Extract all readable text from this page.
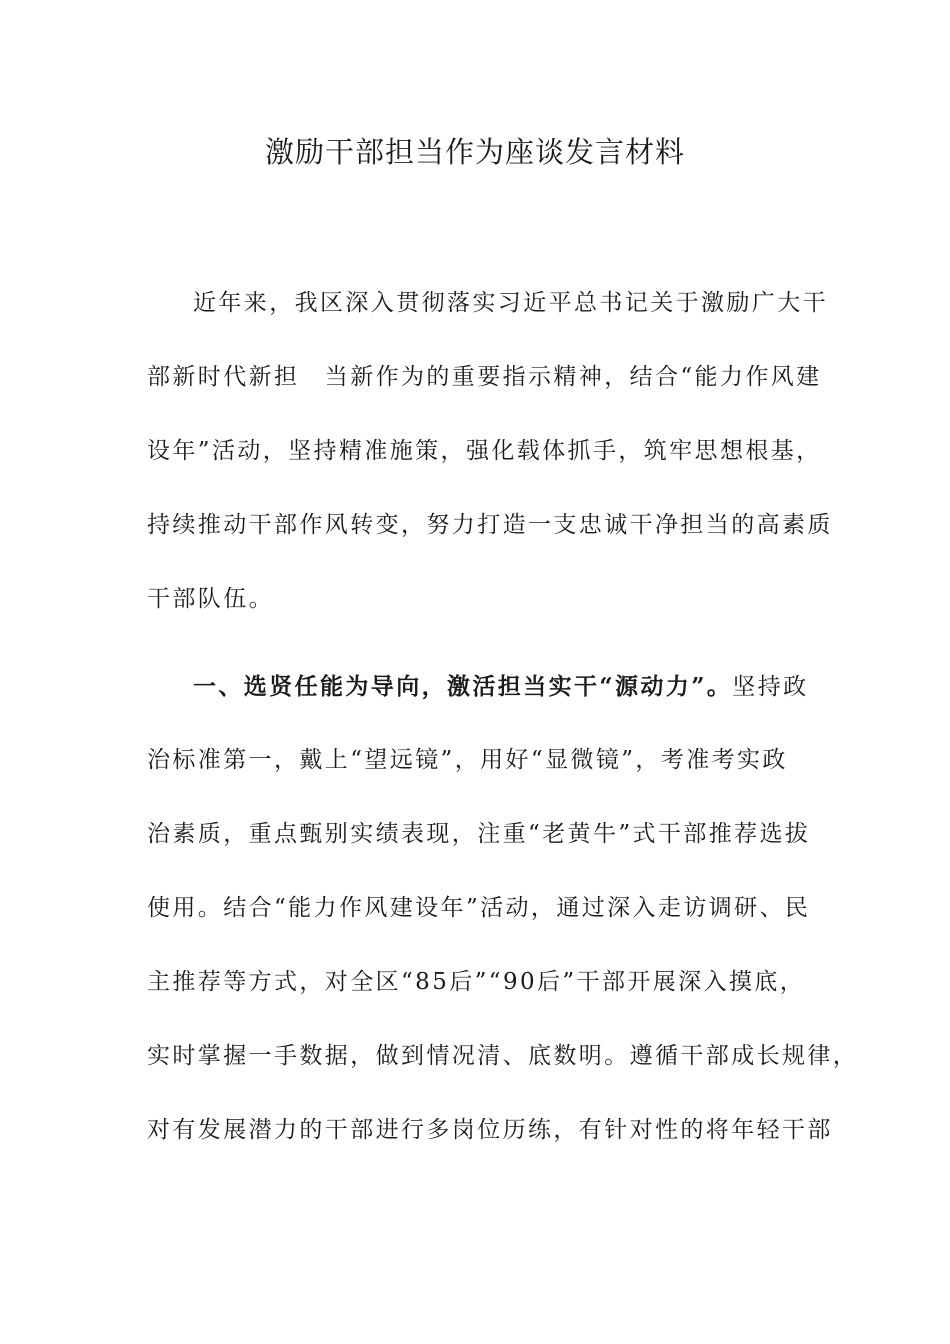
激励干部担当作为座谈发言材料

近年来，我区深入贯彻落实习近平总书记关于激励广大干

部新时代新担　当新作为的重要指示精神，结合“能力作风建

设年”活动，坚持精准施策，强化载体抓手，筑牢思想根基，

持续推动干部作风转变，努力打造一支忠诚干净担当的高素质

干部队伍。

一、选贤任能为导向，激活担当实干“源动力”。坚持政

治标准第一，戴上“望远镜”，用好“显微镜”，考准考实政

治素质，重点甄别实绩表现，注重“老黄牛”式干部推荐选拔

使用。结合“能力作风建设年”活动，通过深入走访调研、民

主推荐等方式，对全区“85后”“90后”干部开展深入摸底，

实时掌握一手数据，做到情况清、底数明。遵循干部成长规律，

对有发展潜力的干部进行多岗位历练，有针对性的将年轻干部
